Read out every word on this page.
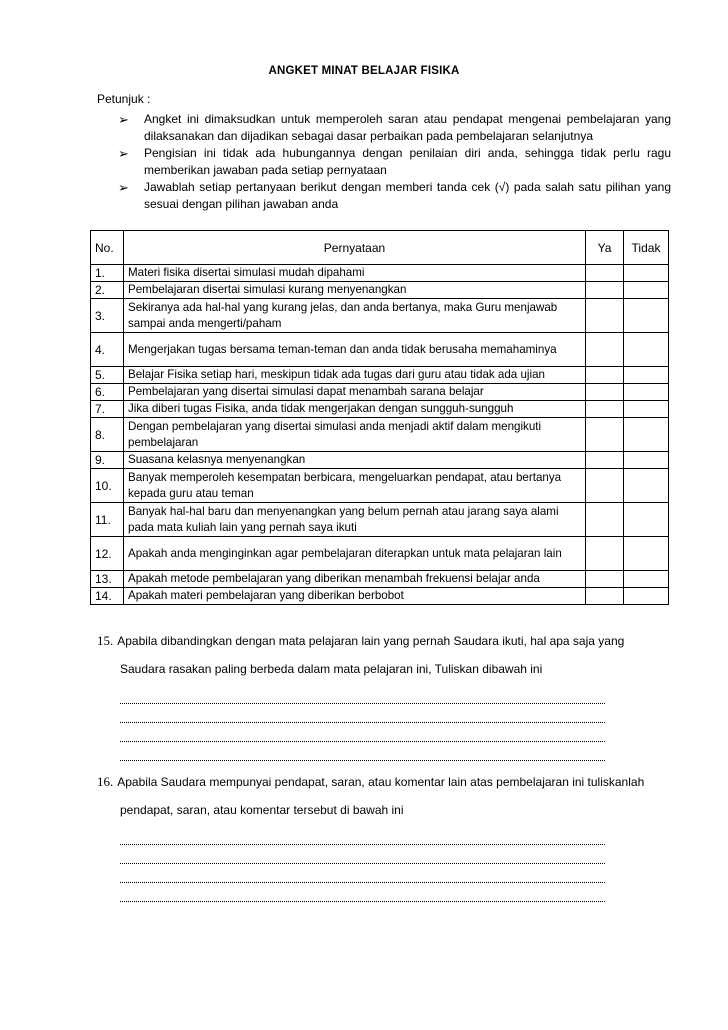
ANGKET MINAT BELAJAR FISIKA
Petunjuk :
➢ Angket ini dimaksudkan untuk memperoleh saran atau pendapat mengenai pembelajaran yang dilaksanakan dan dijadikan sebagai dasar perbaikan pada pembelajaran selanjutnya
➢ Pengisian ini tidak ada hubungannya dengan penilaian diri anda, sehingga tidak perlu ragu memberikan jawaban pada setiap pernyataan
➢ Jawablah setiap pertanyaan berikut dengan memberi tanda cek (√) pada salah satu pilihan yang sesuai dengan pilihan jawaban anda
No.	Pernyataan	Ya	Tidak
1.	Materi fisika disertai simulasi mudah dipahami		
2.	Pembelajaran disertai simulasi kurang menyenangkan		
3.	Sekiranya ada hal-hal yang kurang jelas, dan anda bertanya, maka Guru menjawab sampai anda mengerti/paham		
4.	Mengerjakan tugas bersama teman-teman dan anda tidak berusaha memahaminya		
5.	Belajar Fisika setiap hari, meskipun tidak ada tugas dari guru atau tidak ada ujian		
6.	Pembelajaran yang disertai simulasi dapat menambah sarana belajar		
7.	Jika diberi tugas Fisika, anda tidak mengerjakan dengan sungguh-sungguh		
8.	Dengan pembelajaran yang disertai simulasi anda menjadi aktif dalam mengikuti pembelajaran		
9.	Suasana kelasnya menyenangkan		
10.	Banyak memperoleh kesempatan berbicara, mengeluarkan pendapat, atau bertanya kepada guru atau teman		
11.	Banyak hal-hal baru dan menyenangkan yang belum pernah atau jarang saya alami pada mata kuliah lain yang pernah saya ikuti		
12.	Apakah anda menginginkan agar pembelajaran diterapkan untuk mata pelajaran lain		
13.	Apakah metode pembelajaran yang diberikan menambah frekuensi belajar anda		
14.	Apakah materi pembelajaran yang diberikan berbobot		
15. Apabila dibandingkan dengan mata pelajaran lain yang pernah Saudara ikuti, hal apa saja yang
Saudara rasakan paling berbeda dalam mata pelajaran ini, Tuliskan dibawah ini
16. Apabila Saudara mempunyai pendapat, saran, atau komentar lain atas pembelajaran ini tuliskanlah
pendapat, saran, atau komentar tersebut di bawah ini
